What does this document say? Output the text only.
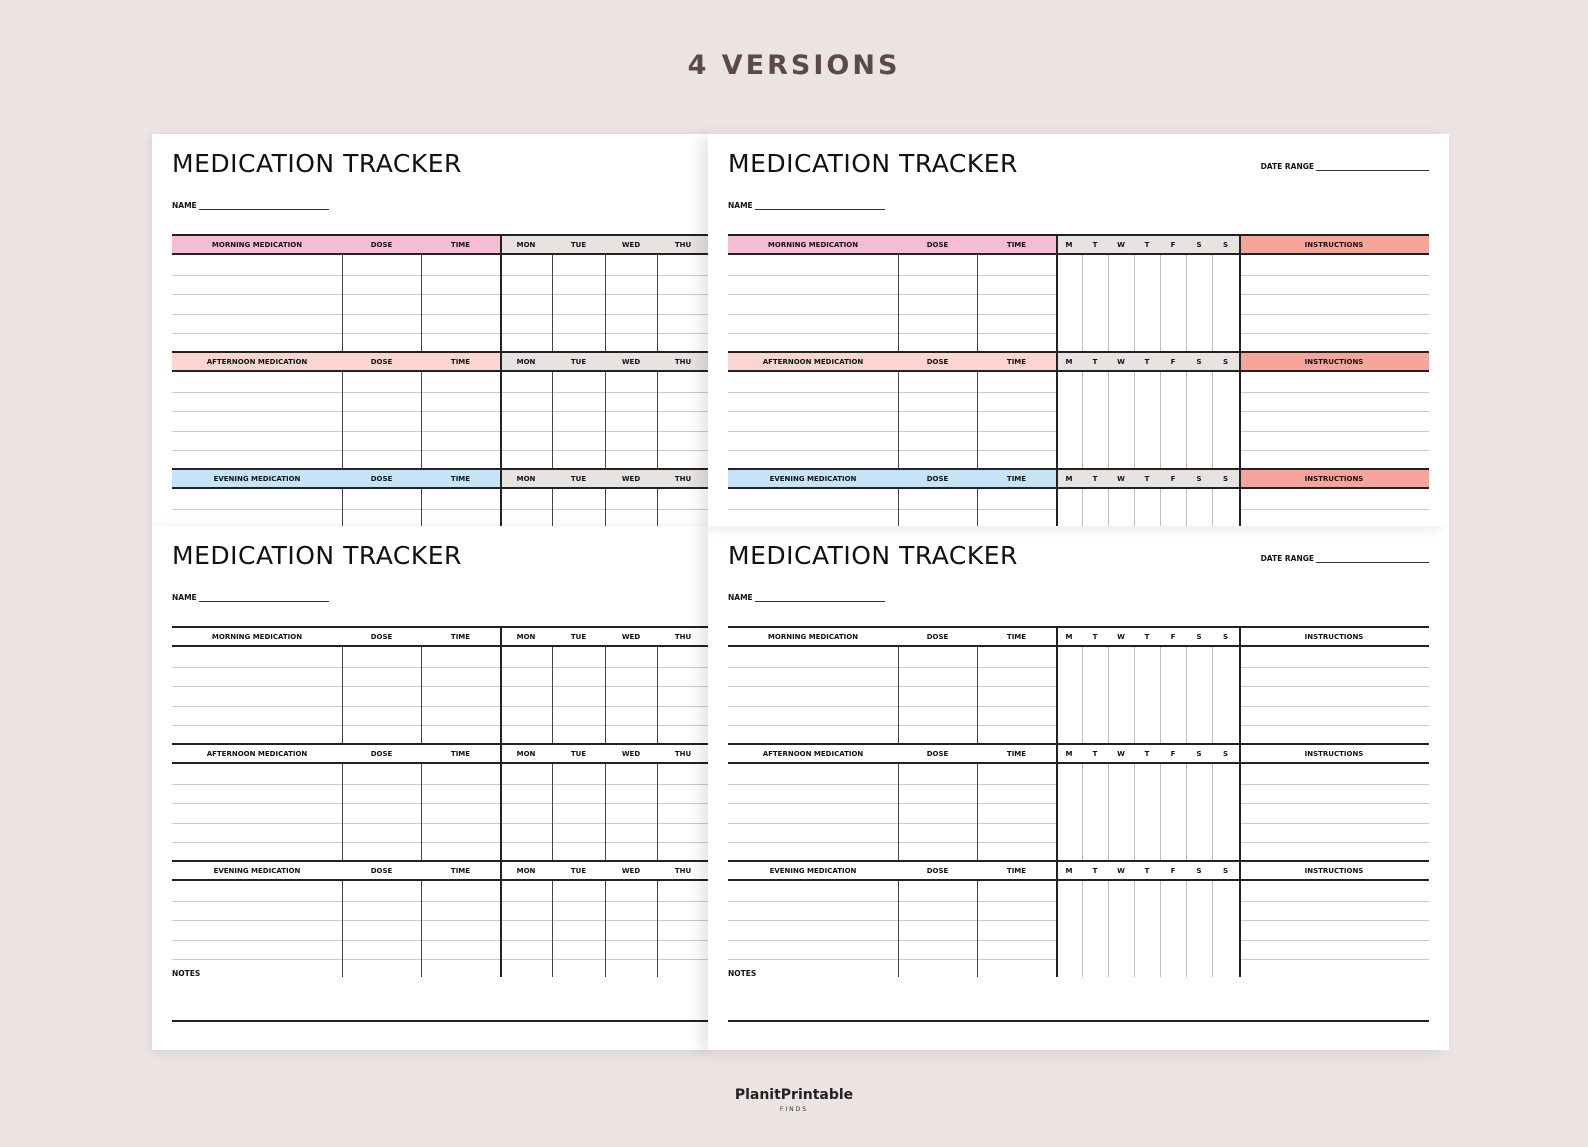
4 VERSIONS
MEDICATION TRACKER
NAME
MORNING MEDICATION	DOSE	TIME	MON	TUE	WED	THU
AFTERNOON MEDICATION	DOSE	TIME	MON	TUE	WED	THU
EVENING MEDICATION	DOSE	TIME	MON	TUE	WED	THU
MEDICATION TRACKER
NAME
MORNING MEDICATION	DOSE	TIME	MON	TUE	WED	THU
AFTERNOON MEDICATION	DOSE	TIME	MON	TUE	WED	THU
EVENING MEDICATION	DOSE	TIME	MON	TUE	WED	THU
NOTES
MEDICATION TRACKER
NAME
DATE RANGE
MORNING MEDICATION	DOSE	TIME	M	T	W	T	F	S	S	INSTRUCTIONS
AFTERNOON MEDICATION	DOSE	TIME	M	T	W	T	F	S	S	INSTRUCTIONS
EVENING MEDICATION	DOSE	TIME	M	T	W	T	F	S	S	INSTRUCTIONS
MEDICATION TRACKER
NAME
DATE RANGE
MORNING MEDICATION	DOSE	TIME	M	T	W	T	F	S	S	INSTRUCTIONS
AFTERNOON MEDICATION	DOSE	TIME	M	T	W	T	F	S	S	INSTRUCTIONS
EVENING MEDICATION	DOSE	TIME	M	T	W	T	F	S	S	INSTRUCTIONS
NOTES
PlanitPrintable
FINDS
